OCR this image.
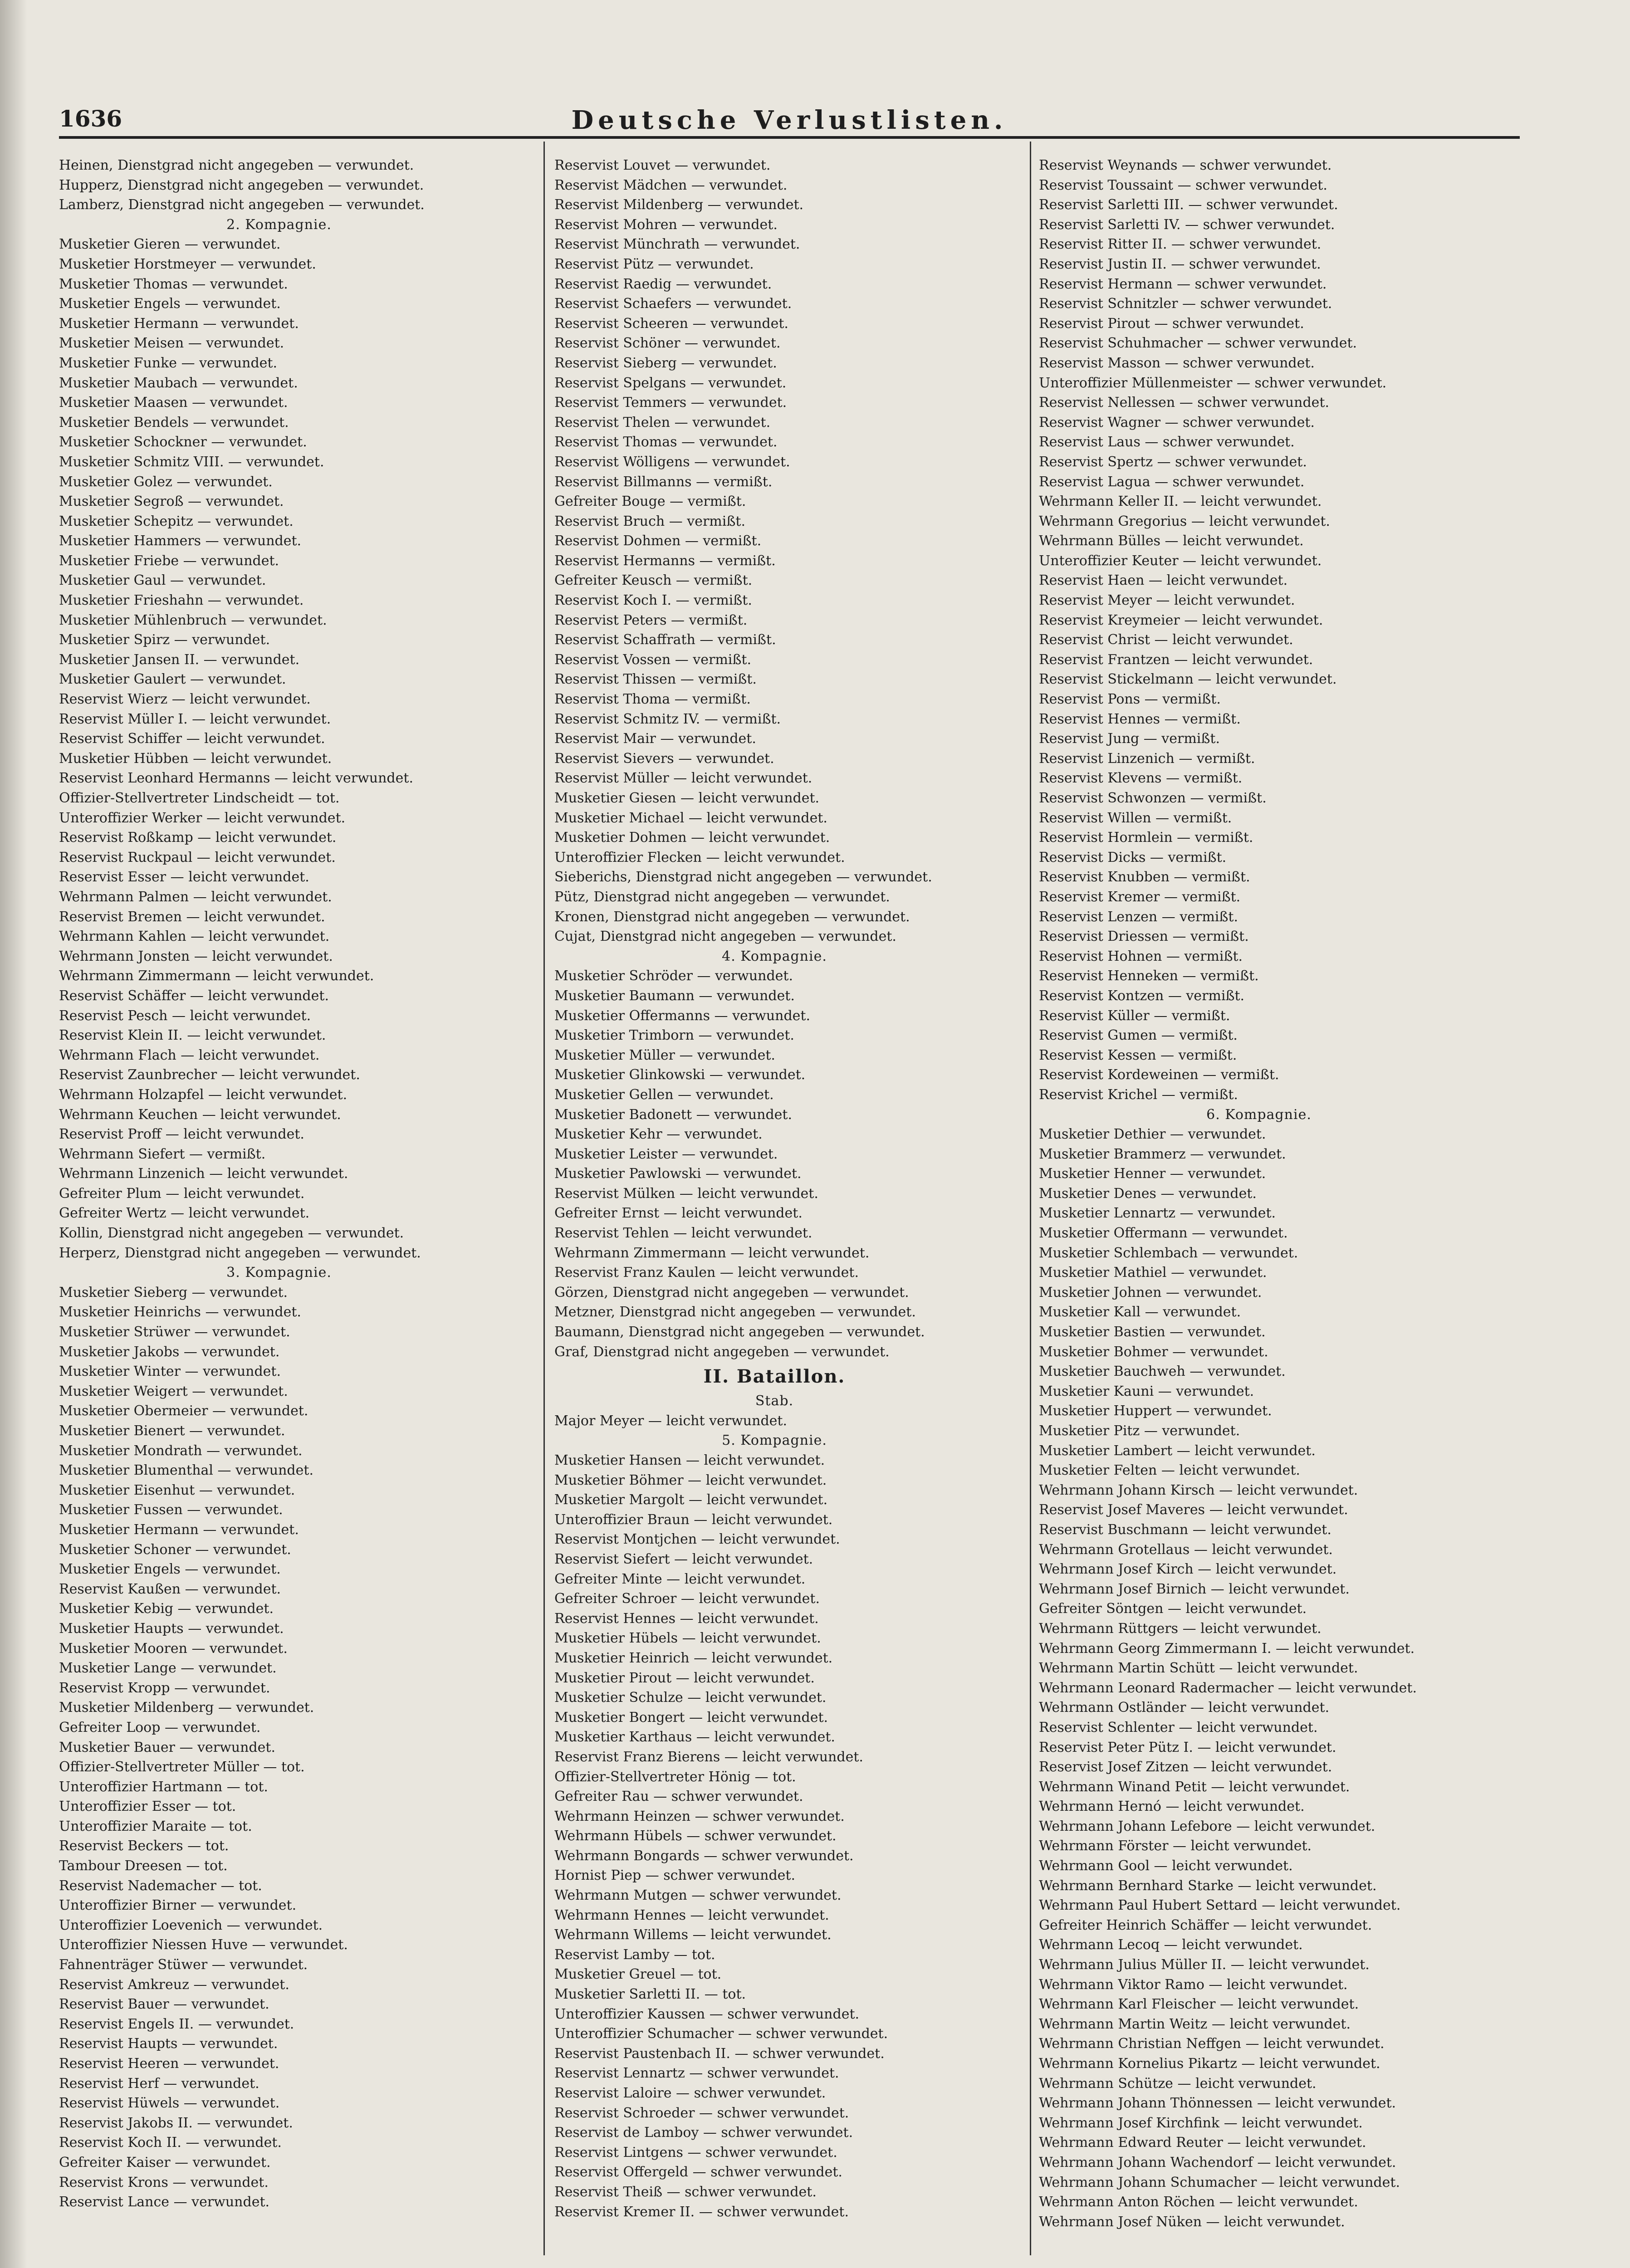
Deutsche Verlustlisten.
1636
Heinen, Dienstgrad nicht angegeben — verwundet.
Hupperz, Dienstgrad nicht angegeben — verwundet.
Lamberz, Dienstgrad nicht angegeben — verwundet.
2. Kompagnie.
Musketier Gieren — verwundet.
Musketier Horstmeyer — verwundet.
Musketier Thomas — verwundet.
Musketier Engels — verwundet.
Musketier Hermann — verwundet.
Musketier Meisen — verwundet.
Musketier Funke — verwundet.
Musketier Maubach — verwundet.
Musketier Maasen — verwundet.
Musketier Bendels — verwundet.
Musketier Schockner — verwundet.
Musketier Schmitz VIII. — verwundet.
Musketier Golez — verwundet.
Musketier Segroß — verwundet.
Musketier Schepitz — verwundet.
Musketier Hammers — verwundet.
Musketier Friebe — verwundet.
Musketier Gaul — verwundet.
Musketier Frieshahn — verwundet.
Musketier Mühlenbruch — verwundet.
Musketier Spirz — verwundet.
Musketier Jansen II. — verwundet.
Musketier Gaulert — verwundet.
Reservist Wierz — leicht verwundet.
Reservist Müller I. — leicht verwundet.
Reservist Schiffer — leicht verwundet.
Musketier Hübben — leicht verwundet.
Reservist Leonhard Hermanns — leicht verwundet.
Offizier-Stellvertreter Lindscheidt — tot.
Unteroffizier Werker — leicht verwundet.
Reservist Roßkamp — leicht verwundet.
Reservist Ruckpaul — leicht verwundet.
Reservist Esser — leicht verwundet.
Wehrmann Palmen — leicht verwundet.
Reservist Bremen — leicht verwundet.
Wehrmann Kahlen — leicht verwundet.
Wehrmann Jonsten — leicht verwundet.
Wehrmann Zimmermann — leicht verwundet.
Reservist Schäffer — leicht verwundet.
Reservist Pesch — leicht verwundet.
Reservist Klein II. — leicht verwundet.
Wehrmann Flach — leicht verwundet.
Reservist Zaunbrecher — leicht verwundet.
Wehrmann Holzapfel — leicht verwundet.
Wehrmann Keuchen — leicht verwundet.
Reservist Proff — leicht verwundet.
Wehrmann Siefert — vermißt.
Wehrmann Linzenich — leicht verwundet.
Gefreiter Plum — leicht verwundet.
Gefreiter Wertz — leicht verwundet.
Kollin, Dienstgrad nicht angegeben — verwundet.
Herperz, Dienstgrad nicht angegeben — verwundet.
3. Kompagnie.
Musketier Sieberg — verwundet.
Musketier Heinrichs — verwundet.
Musketier Strüwer — verwundet.
Musketier Jakobs — verwundet.
Musketier Winter — verwundet.
Musketier Weigert — verwundet.
Musketier Obermeier — verwundet.
Musketier Bienert — verwundet.
Musketier Mondrath — verwundet.
Musketier Blumenthal — verwundet.
Musketier Eisenhut — verwundet.
Musketier Fussen — verwundet.
Musketier Hermann — verwundet.
Musketier Schoner — verwundet.
Musketier Engels — verwundet.
Reservist Kaußen — verwundet.
Musketier Kebig — verwundet.
Musketier Haupts — verwundet.
Musketier Mooren — verwundet.
Musketier Lange — verwundet.
Reservist Kropp — verwundet.
Musketier Mildenberg — verwundet.
Gefreiter Loop — verwundet.
Musketier Bauer — verwundet.
Offizier-Stellvertreter Müller — tot.
Unteroffizier Hartmann — tot.
Unteroffizier Esser — tot.
Unteroffizier Maraite — tot.
Reservist Beckers — tot.
Tambour Dreesen — tot.
Reservist Nademacher — tot.
Unteroffizier Birner — verwundet.
Unteroffizier Loevenich — verwundet.
Unteroffizier Niessen Huve — verwundet.
Fahnenträger Stüwer — verwundet.
Reservist Amkreuz — verwundet.
Reservist Bauer — verwundet.
Reservist Engels II. — verwundet.
Reservist Haupts — verwundet.
Reservist Heeren — verwundet.
Reservist Herf — verwundet.
Reservist Hüwels — verwundet.
Reservist Jakobs II. — verwundet.
Reservist Koch II. — verwundet.
Gefreiter Kaiser — verwundet.
Reservist Krons — verwundet.
Reservist Lance — verwundet.
Reservist Louvet — verwundet.
Reservist Mädchen — verwundet.
Reservist Mildenberg — verwundet.
Reservist Mohren — verwundet.
Reservist Münchrath — verwundet.
Reservist Pütz — verwundet.
Reservist Raedig — verwundet.
Reservist Schaefers — verwundet.
Reservist Scheeren — verwundet.
Reservist Schöner — verwundet.
Reservist Sieberg — verwundet.
Reservist Spelgans — verwundet.
Reservist Temmers — verwundet.
Reservist Thelen — verwundet.
Reservist Thomas — verwundet.
Reservist Wölligens — verwundet.
Reservist Billmanns — vermißt.
Gefreiter Bouge — vermißt.
Reservist Bruch — vermißt.
Reservist Dohmen — vermißt.
Reservist Hermanns — vermißt.
Gefreiter Keusch — vermißt.
Reservist Koch I. — vermißt.
Reservist Peters — vermißt.
Reservist Schaffrath — vermißt.
Reservist Vossen — vermißt.
Reservist Thissen — vermißt.
Reservist Thoma — vermißt.
Reservist Schmitz IV. — vermißt.
Reservist Mair — verwundet.
Reservist Sievers — verwundet.
Reservist Müller — leicht verwundet.
Musketier Giesen — leicht verwundet.
Musketier Michael — leicht verwundet.
Musketier Dohmen — leicht verwundet.
Unteroffizier Flecken — leicht verwundet.
Sieberichs, Dienstgrad nicht angegeben — verwundet.
Pütz, Dienstgrad nicht angegeben — verwundet.
Kronen, Dienstgrad nicht angegeben — verwundet.
Cujat, Dienstgrad nicht angegeben — verwundet.
4. Kompagnie.
Musketier Schröder — verwundet.
Musketier Baumann — verwundet.
Musketier Offermanns — verwundet.
Musketier Trimborn — verwundet.
Musketier Müller — verwundet.
Musketier Glinkowski — verwundet.
Musketier Gellen — verwundet.
Musketier Badonett — verwundet.
Musketier Kehr — verwundet.
Musketier Leister — verwundet.
Musketier Pawlowski — verwundet.
Reservist Mülken — leicht verwundet.
Gefreiter Ernst — leicht verwundet.
Reservist Tehlen — leicht verwundet.
Wehrmann Zimmermann — leicht verwundet.
Reservist Franz Kaulen — leicht verwundet.
Görzen, Dienstgrad nicht angegeben — verwundet.
Metzner, Dienstgrad nicht angegeben — verwundet.
Baumann, Dienstgrad nicht angegeben — verwundet.
Graf, Dienstgrad nicht angegeben — verwundet.
II. Bataillon.
Stab.
Major Meyer — leicht verwundet.
5. Kompagnie.
Musketier Hansen — leicht verwundet.
Musketier Böhmer — leicht verwundet.
Musketier Margolt — leicht verwundet.
Unteroffizier Braun — leicht verwundet.
Reservist Montjchen — leicht verwundet.
Reservist Siefert — leicht verwundet.
Gefreiter Minte — leicht verwundet.
Gefreiter Schroer — leicht verwundet.
Reservist Hennes — leicht verwundet.
Musketier Hübels — leicht verwundet.
Musketier Heinrich — leicht verwundet.
Musketier Pirout — leicht verwundet.
Musketier Schulze — leicht verwundet.
Musketier Bongert — leicht verwundet.
Musketier Karthaus — leicht verwundet.
Reservist Franz Bierens — leicht verwundet.
Offizier-Stellvertreter Hönig — tot.
Gefreiter Rau — schwer verwundet.
Wehrmann Heinzen — schwer verwundet.
Wehrmann Hübels — schwer verwundet.
Wehrmann Bongards — schwer verwundet.
Hornist Piep — schwer verwundet.
Wehrmann Mutgen — schwer verwundet.
Wehrmann Hennes — leicht verwundet.
Wehrmann Willems — leicht verwundet.
Reservist Lamby — tot.
Musketier Greuel — tot.
Musketier Sarletti II. — tot.
Unteroffizier Kaussen — schwer verwundet.
Unteroffizier Schumacher — schwer verwundet.
Reservist Paustenbach II. — schwer verwundet.
Reservist Lennartz — schwer verwundet.
Reservist Laloire — schwer verwundet.
Reservist Schroeder — schwer verwundet.
Reservist de Lamboy — schwer verwundet.
Reservist Lintgens — schwer verwundet.
Reservist Offergeld — schwer verwundet.
Reservist Theiß — schwer verwundet.
Reservist Kremer II. — schwer verwundet.
Reservist Weynands — schwer verwundet.
Reservist Toussaint — schwer verwundet.
Reservist Sarletti III. — schwer verwundet.
Reservist Sarletti IV. — schwer verwundet.
Reservist Ritter II. — schwer verwundet.
Reservist Justin II. — schwer verwundet.
Reservist Hermann — schwer verwundet.
Reservist Schnitzler — schwer verwundet.
Reservist Pirout — schwer verwundet.
Reservist Schuhmacher — schwer verwundet.
Reservist Masson — schwer verwundet.
Unteroffizier Müllenmeister — schwer verwundet.
Reservist Nellessen — schwer verwundet.
Reservist Wagner — schwer verwundet.
Reservist Laus — schwer verwundet.
Reservist Spertz — schwer verwundet.
Reservist Lagua — schwer verwundet.
Wehrmann Keller II. — leicht verwundet.
Wehrmann Gregorius — leicht verwundet.
Wehrmann Bülles — leicht verwundet.
Unteroffizier Keuter — leicht verwundet.
Reservist Haen — leicht verwundet.
Reservist Meyer — leicht verwundet.
Reservist Kreymeier — leicht verwundet.
Reservist Christ — leicht verwundet.
Reservist Frantzen — leicht verwundet.
Reservist Stickelmann — leicht verwundet.
Reservist Pons — vermißt.
Reservist Hennes — vermißt.
Reservist Jung — vermißt.
Reservist Linzenich — vermißt.
Reservist Klevens — vermißt.
Reservist Schwonzen — vermißt.
Reservist Willen — vermißt.
Reservist Hormlein — vermißt.
Reservist Dicks — vermißt.
Reservist Knubben — vermißt.
Reservist Kremer — vermißt.
Reservist Lenzen — vermißt.
Reservist Driessen — vermißt.
Reservist Hohnen — vermißt.
Reservist Henneken — vermißt.
Reservist Kontzen — vermißt.
Reservist Küller — vermißt.
Reservist Gumen — vermißt.
Reservist Kessen — vermißt.
Reservist Kordeweinen — vermißt.
Reservist Krichel — vermißt.
6. Kompagnie.
Musketier Dethier — verwundet.
Musketier Brammerz — verwundet.
Musketier Henner — verwundet.
Musketier Denes — verwundet.
Musketier Lennartz — verwundet.
Musketier Offermann — verwundet.
Musketier Schlembach — verwundet.
Musketier Mathiel — verwundet.
Musketier Johnen — verwundet.
Musketier Kall — verwundet.
Musketier Bastien — verwundet.
Musketier Bohmer — verwundet.
Musketier Bauchweh — verwundet.
Musketier Kauni — verwundet.
Musketier Huppert — verwundet.
Musketier Pitz — verwundet.
Musketier Lambert — leicht verwundet.
Musketier Felten — leicht verwundet.
Wehrmann Johann Kirsch — leicht verwundet.
Reservist Josef Maveres — leicht verwundet.
Reservist Buschmann — leicht verwundet.
Wehrmann Grotellaus — leicht verwundet.
Wehrmann Josef Kirch — leicht verwundet.
Wehrmann Josef Birnich — leicht verwundet.
Gefreiter Söntgen — leicht verwundet.
Wehrmann Rüttgers — leicht verwundet.
Wehrmann Georg Zimmermann I. — leicht verwundet.
Wehrmann Martin Schütt — leicht verwundet.
Wehrmann Leonard Radermacher — leicht verwundet.
Wehrmann Ostländer — leicht verwundet.
Reservist Schlenter — leicht verwundet.
Reservist Peter Pütz I. — leicht verwundet.
Reservist Josef Zitzen — leicht verwundet.
Wehrmann Winand Petit — leicht verwundet.
Wehrmann Hernó — leicht verwundet.
Wehrmann Johann Lefebore — leicht verwundet.
Wehrmann Förster — leicht verwundet.
Wehrmann Gool — leicht verwundet.
Wehrmann Bernhard Starke — leicht verwundet.
Wehrmann Paul Hubert Settard — leicht verwundet.
Gefreiter Heinrich Schäffer — leicht verwundet.
Wehrmann Lecoq — leicht verwundet.
Wehrmann Julius Müller II. — leicht verwundet.
Wehrmann Viktor Ramo — leicht verwundet.
Wehrmann Karl Fleischer — leicht verwundet.
Wehrmann Martin Weitz — leicht verwundet.
Wehrmann Christian Neffgen — leicht verwundet.
Wehrmann Kornelius Pikartz — leicht verwundet.
Wehrmann Schütze — leicht verwundet.
Wehrmann Johann Thönnessen — leicht verwundet.
Wehrmann Josef Kirchfink — leicht verwundet.
Wehrmann Edward Reuter — leicht verwundet.
Wehrmann Johann Wachendorf — leicht verwundet.
Wehrmann Johann Schumacher — leicht verwundet.
Wehrmann Anton Röchen — leicht verwundet.
Wehrmann Josef Nüken — leicht verwundet.
